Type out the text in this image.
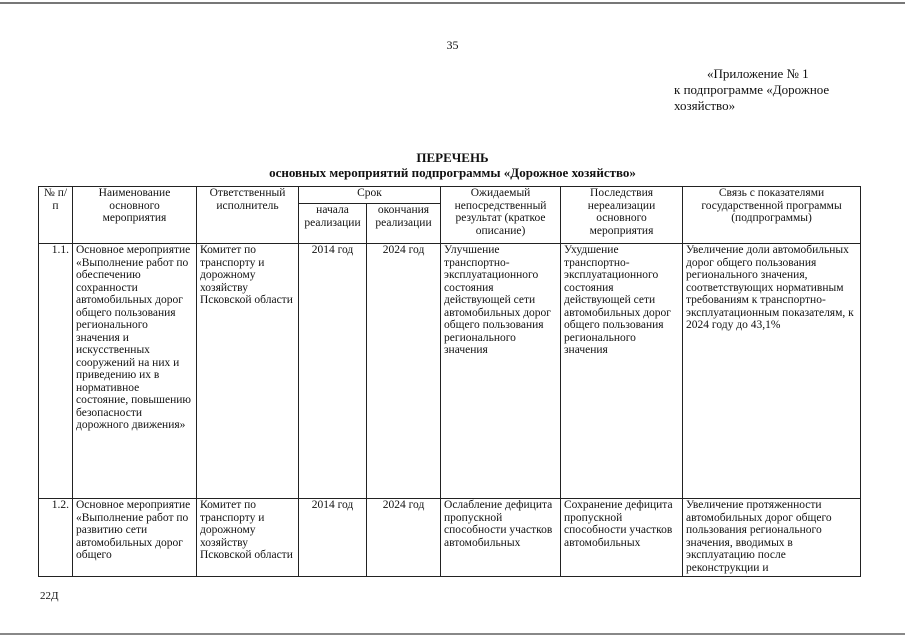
35
«Приложение № 1
к подпрограмме «Дорожное
хозяйство»
ПЕРЕЧЕНЬ
основных мероприятий подпрограммы «Дорожное хозяйство»
№ п/п	Наименование основного мероприятия	Ответственный исполнитель	Срок		Ожидаемый непосредственный результат (краткое описание)	Последствия нереализации основного мероприятия	Связь с показателями государственной программы (подпрограммы)
			начала реализации	окончания реализации			
1.1.	Основное мероприятие «Выполнение работ по обеспечению сохранности автомобильных дорог общего пользования регионального значения и искусственных сооружений на них и приведению их в нормативное состояние, повышению безопасности дорожного движения»	Комитет по транспорту и дорожному хозяйству Псковской области	2014 год	2024 год	Улучшение транспортно-эксплуатационного состояния действующей сети автомобильных дорог общего пользования регионального значения	Ухудшение транспортно-эксплуатационного состояния действующей сети автомобильных дорог общего пользования регионального значения	Увеличение доли автомобильных дорог общего пользования регионального значения, соответствующих нормативным требованиям к транспортно-эксплуатационным показателям, к 2024 году до 43,1%
1.2.	Основное мероприятие «Выполнение работ по развитию сети автомобильных дорог общего	Комитет по транспорту и дорожному хозяйству Псковской области	2014 год	2024 год	Ослабление дефицита пропускной способности участков автомобильных	Сохранение дефицита пропускной способности участков автомобильных	Увеличение протяженности автомобильных дорог общего пользования регионального значения, вводимых в эксплуатацию после реконструкции и
22Д
